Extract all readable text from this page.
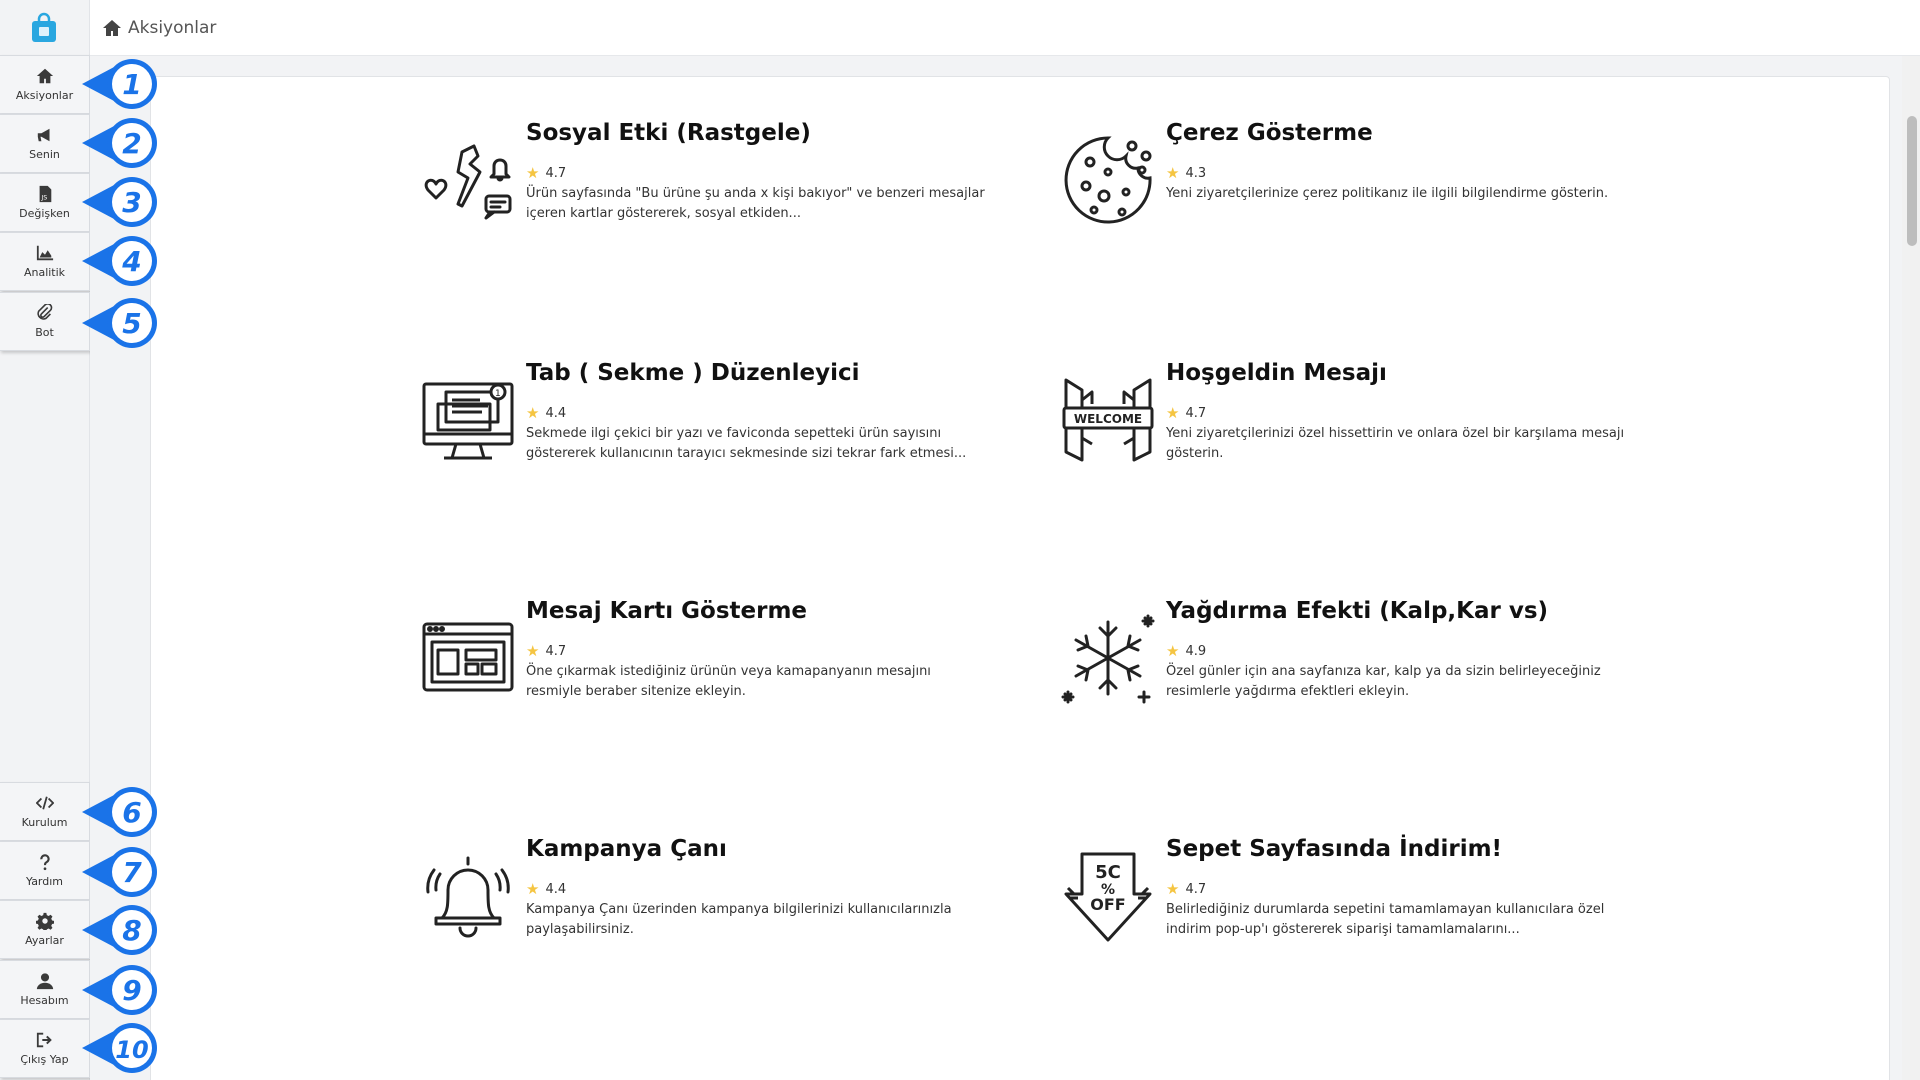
Aksiyonlar
Senin
JS
Değişken
Analitik
Bot
Kurulum
Yardım
Ayarlar
Hesabım
Çıkış Yap
Aksiyonlar
Sosyal Etki (Rastgele)
★ 4.7
Ürün sayfasında "Bu ürüne şu anda x kişi bakıyor" ve benzeri mesajlar içeren kartlar göstererek, sosyal etkiden...
Çerez Gösterme
★ 4.3
Yeni ziyaretçilerinize çerez politikanız ile ilgili bilgilendirme gösterin.
1
Tab ( Sekme ) Düzenleyici
★ 4.4
Sekmede ilgi çekici bir yazı ve faviconda sepetteki ürün sayısını göstererek kullanıcının tarayıcı sekmesinde sizi tekrar fark etmesi...
WELCOME
Hoşgeldin Mesajı
★ 4.7
Yeni ziyaretçilerinizi özel hissettirin ve onlara özel bir karşılama mesajı gösterin.
Mesaj Kartı Gösterme
★ 4.7
Öne çıkarmak istediğiniz ürünün veya kamapanyanın mesajını resmiyle beraber sitenize ekleyin.
Yağdırma Efekti (Kalp,Kar vs)
★ 4.9
Özel günler için ana sayfanıza kar, kalp ya da sizin belirleyeceğiniz resimlerle yağdırma efektleri ekleyin.
Kampanya Çanı
★ 4.4
Kampanya Çanı üzerinden kampanya bilgilerinizi kullanıcılarınızla paylaşabilirsiniz.
5C
%
OFF
Sepet Sayfasında İndirim!
★ 4.7
Belirlediğiniz durumlarda sepetini tamamlamayan kullanıcılara özel indirim pop-up'ı göstererek siparişi tamamlamalarını...
1
2
3
4
5
6
7
8
9
10
